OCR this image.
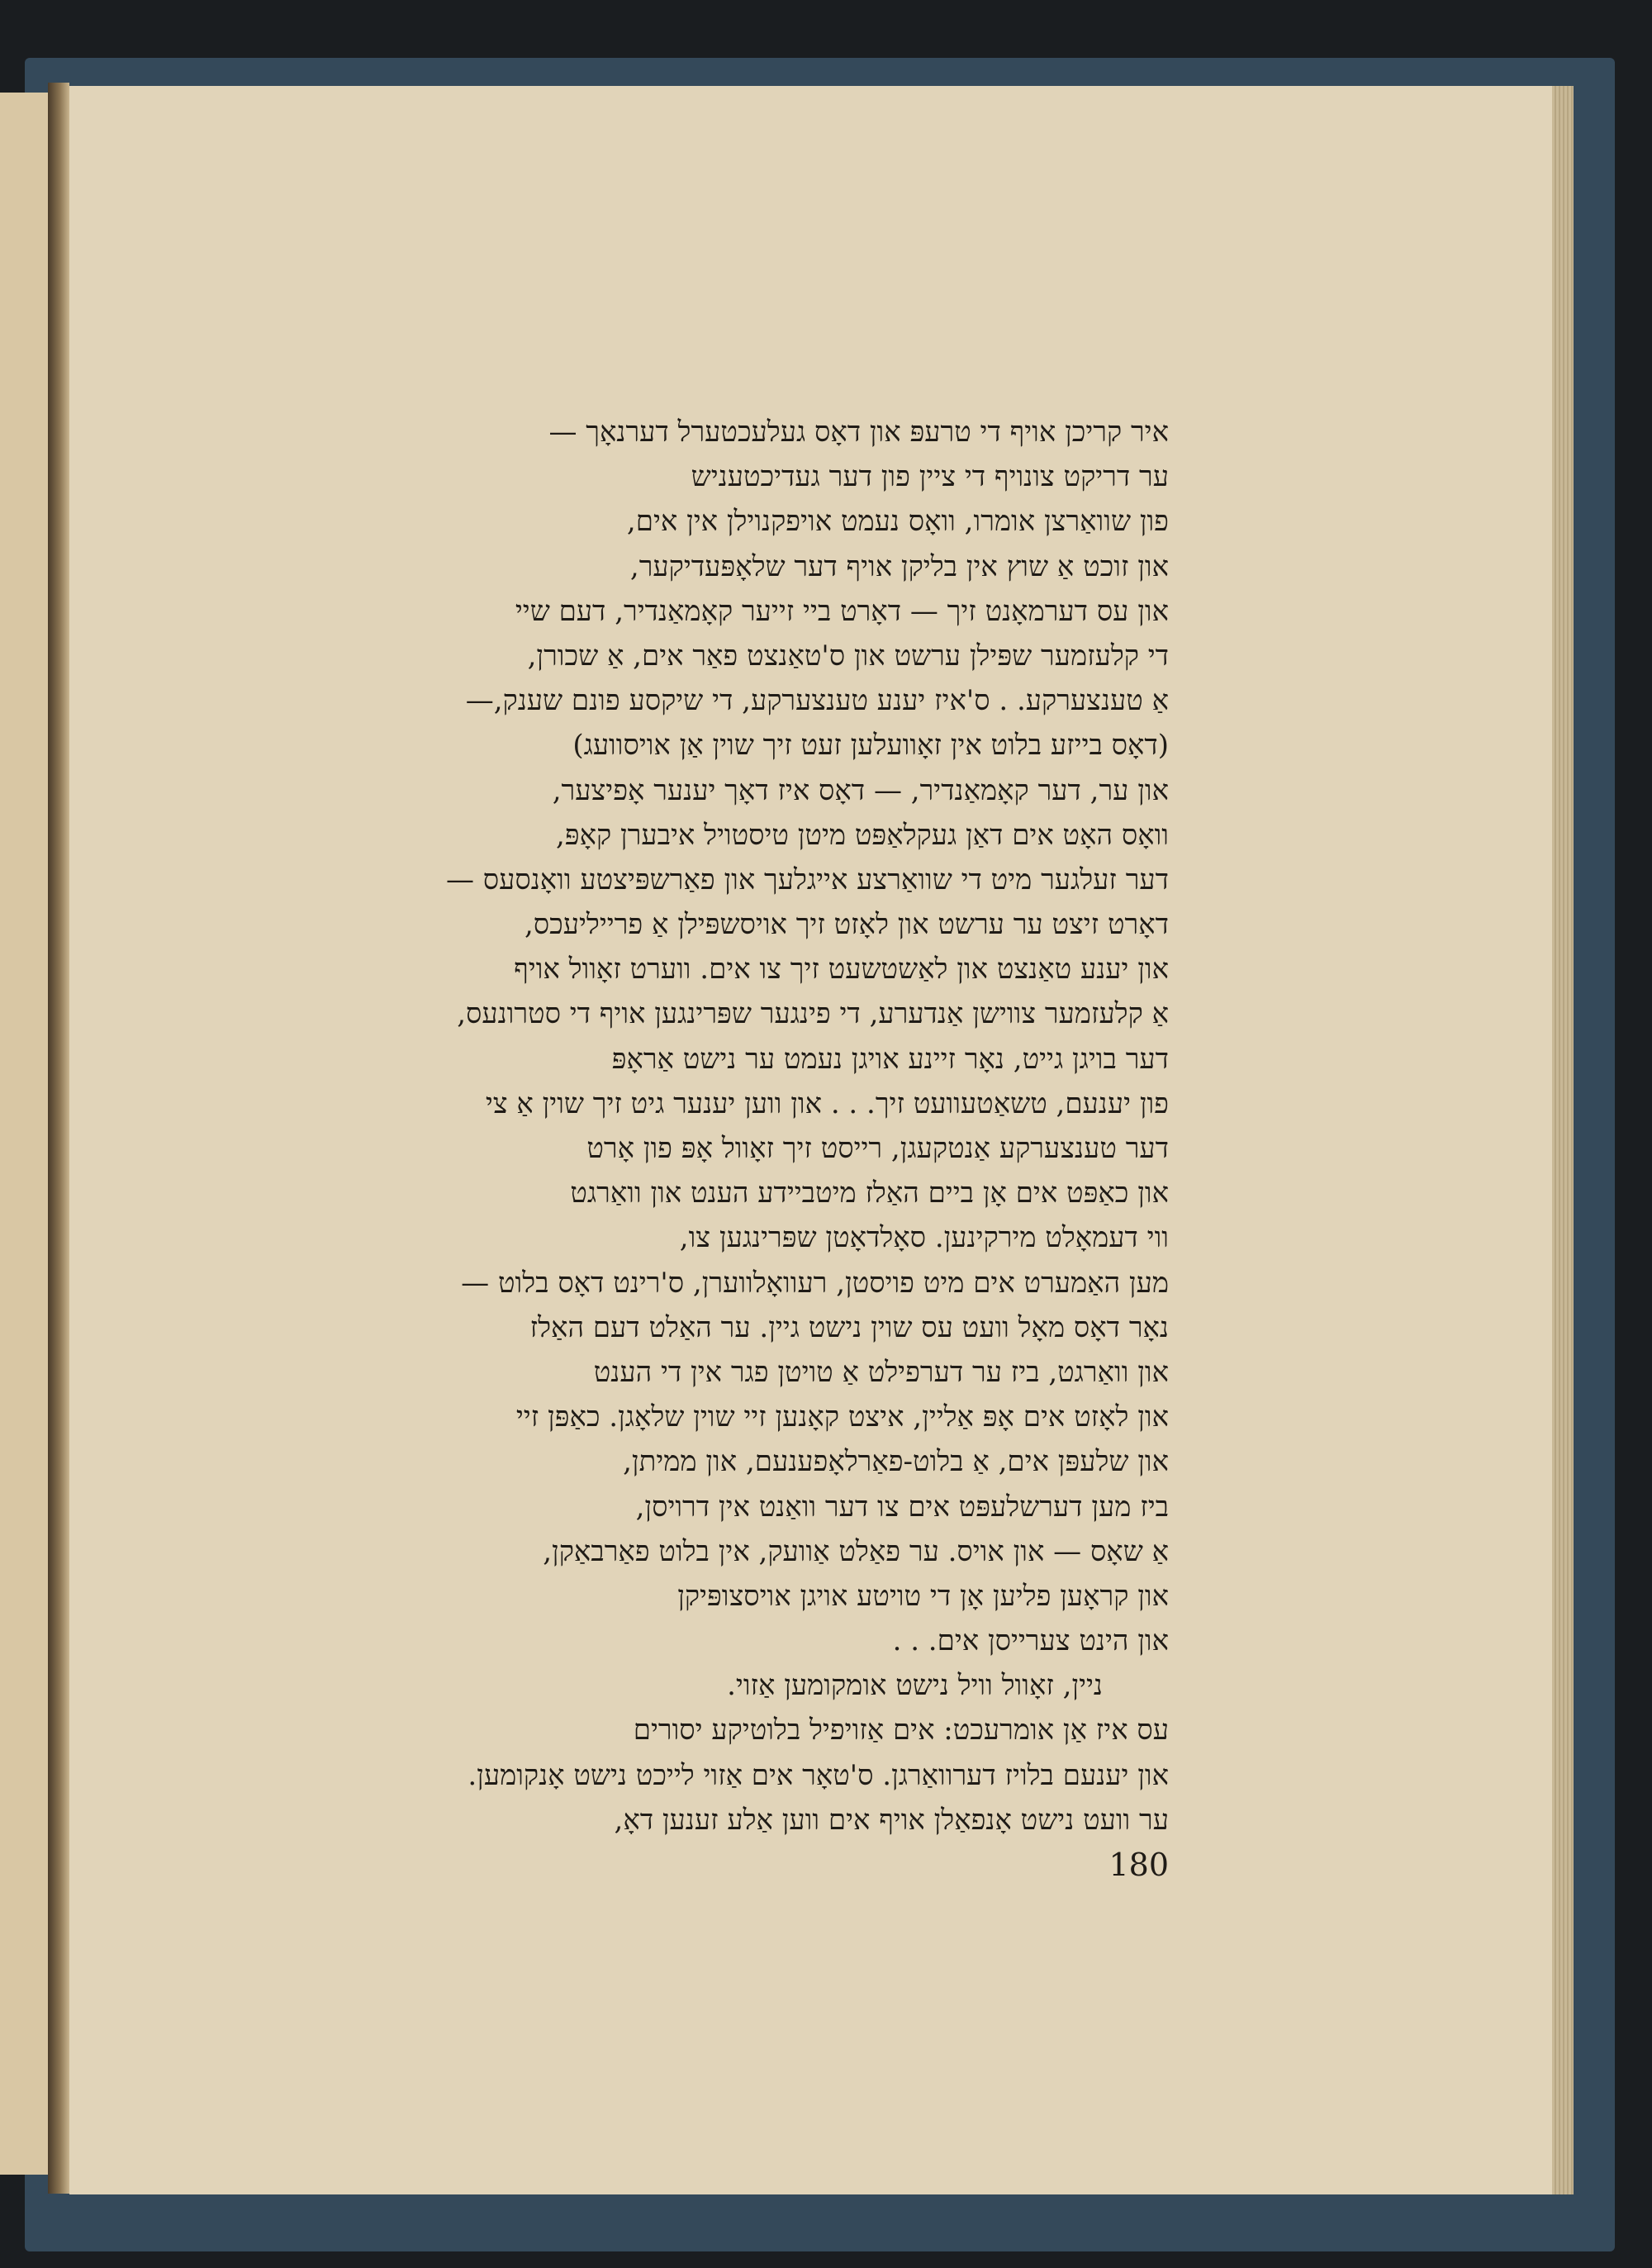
איר קריכן אויף די טרעפּ און דאָס געלעכטערל דערנאָך —
ער דריקט צונויף די ציין פון דער געדיכטעניש
פון שוואַרצן אומרו, וואָס נעמט אויפקנוילן אין אים,
און זוכט אַ שוץ אין בליקן אויף דער שלאָפּעדיקער,
און עס דערמאָנט זיך — דאָרט ביי זייער קאָמאַנדיר, דעם שיי
די קלעזמער שפּילן ערשט און ס'טאַנצט פאַר אים, אַ שכורן,
אַ טענצערקע. . ס'איז יענע טענצערקע, די שיקסע פונם שענק,—
(דאָס בייזע בלוט אין זאָוועלען זעט זיך שוין אַן אויסוועג)
און ער, דער קאָמאַנדיר, — דאָס איז דאָך יענער אָפיצער,
וואָס האָט אים דאַן געקלאַפּט מיטן טיסטויל איבערן קאָפּ,
דער זעלגער מיט די שוואַרצע אייגלעך און פאַרשפּיצטע וואָנסעס —
דאָרט זיצט ער ערשט און לאָזט זיך אויסשפּילן אַ פרייליעכס,
און יענע טאַנצט און לאַשטשעט זיך צו אים. ווערט זאָוול אויף
אַ קלעזמער צווישן אַנדערע, די פינגער שפּרינגען אויף די סטרונעס,
דער בויגן גייט, נאָר זיינע אויגן נעמט ער נישט אַראָפּ
פון יענעם, טשאַטעוועט זיך. . . און ווען יענער גיט זיך שוין אַ צי
דער טענצערקע אַנטקעגן, רייסט זיך זאָוול אָפּ פון אָרט
און כאַפּט אים אָן ביים האַלז מיטביידע הענט און וואַרגט
ווי דעמאָלט מירקינען. סאָלדאָטן שפּרינגען צו,
מען האַמערט אים מיט פויסטן, רעוואָלווערן, ס'רינט דאָס בלוט —
נאָר דאָס מאָל וועט עס שוין נישט גיין. ער האַלט דעם האַלז
און וואַרגט, ביז ער דערפילט אַ טויטן פגר אין די הענט
און לאָזט אים אָפּ אַליין, איצט קאָנען זיי שוין שלאָגן. כאַפּן זיי
און שלעפּן אים, אַ בלוט-פאַרלאָפענעם, און ממיתן,
ביז מען דערשלעפּט אים צו דער וואַנט אין דרויסן,
אַ שאָס — און אויס. ער פאַלט אַוועק, אין בלוט פאַרבאַקן,
און קראָען פליען אָן די טויטע אויגן אויסצופּיקן
און הינט צערייסן אים. . .
ניין, זאָוול וויל נישט אומקומען אַזוי.
עס איז אַן אומרעכט: אים אַזויפיל בלוטיקע יסורים
און יענעם בלויז דערוואַרגן. ס'טאָר אים אַזוי לייכט נישט אָנקומען.
ער וועט נישט אָנפאַלן אויף אים ווען אַלע זענען דאָ,
180
